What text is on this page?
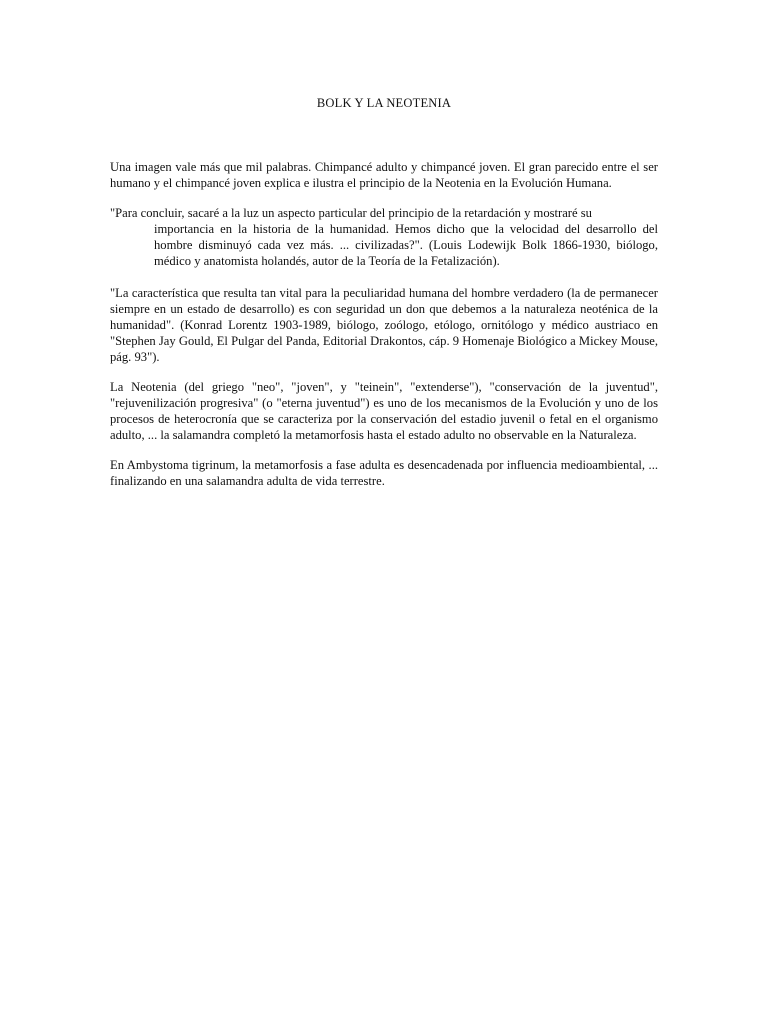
BOLK Y LA NEOTENIA
Una imagen vale más que mil palabras. Chimpancé adulto y chimpancé joven. El gran parecido entre el ser humano y el chimpancé joven explica e ilustra el principio de la Neotenia en la Evolución Humana.
"Para concluir, sacaré a la luz un aspecto particular del principio de la retardación y mostraré su
importancia en la historia de la humanidad. Hemos dicho que la velocidad del desarrollo del hombre disminuyó cada vez más. ... civilizadas?". (Louis Lodewijk Bolk 1866-1930, biólogo, médico y anatomista holandés, autor de la Teoría de la Fetalización).
"La característica que resulta tan vital para la peculiaridad humana del hombre verdadero (la de permanecer siempre en un estado de desarrollo) es con seguridad un don que debemos a la naturaleza neoténica de la humanidad". (Konrad Lorentz 1903-1989, biólogo, zoólogo, etólogo, ornitólogo y médico austriaco en "Stephen Jay Gould, El Pulgar del Panda, Editorial Drakontos, cáp. 9 Homenaje Biológico a Mickey Mouse, pág. 93").
La Neotenia (del griego "neo", "joven", y "teinein", "extenderse"), "conservación de la juventud", "rejuvenilización progresiva" (o "eterna juventud") es uno de los mecanismos de la Evolución y uno de los procesos de heterocronía que se caracteriza por la conservación del estadio juvenil o fetal en el organismo adulto, ... la salamandra completó la metamorfosis hasta el estado adulto no observable en la Naturaleza.
En Ambystoma tigrinum, la metamorfosis a fase adulta es desencadenada por influencia medioambiental, ... finalizando en una salamandra adulta de vida terrestre.
